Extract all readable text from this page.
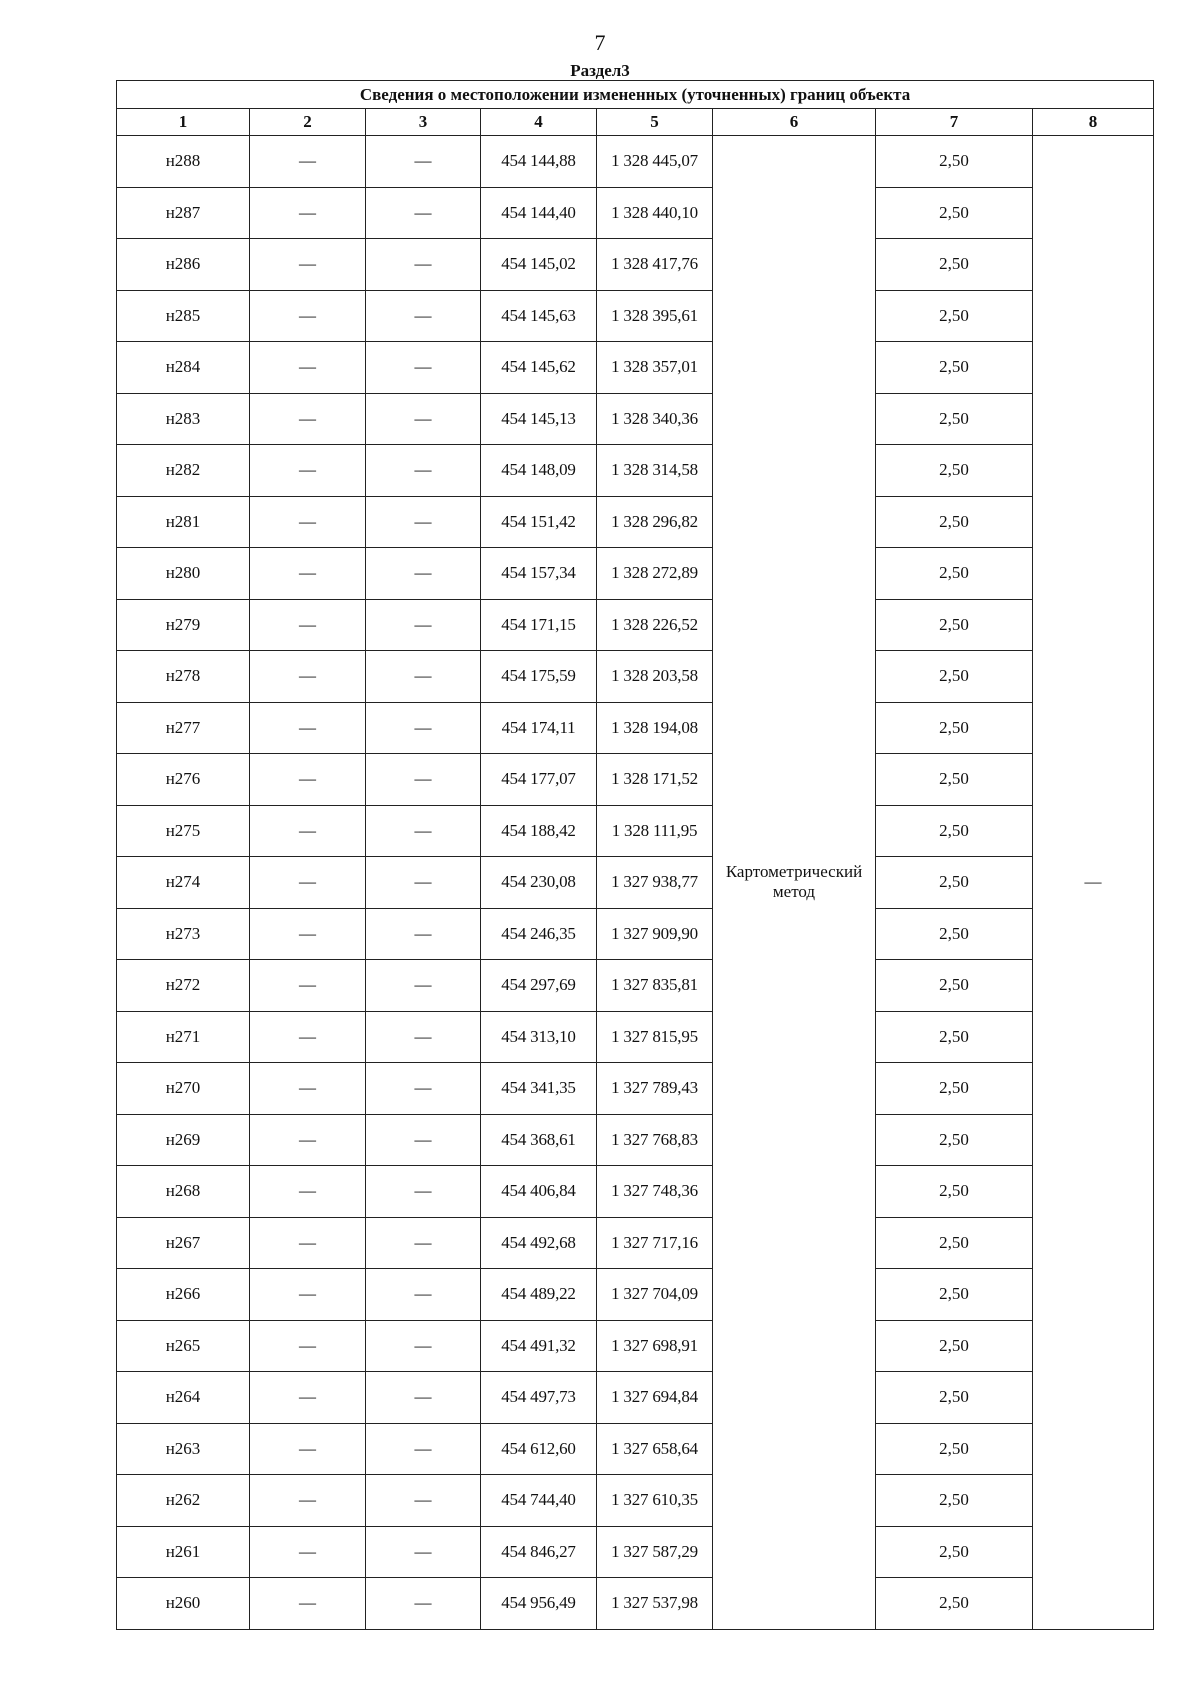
7
Раздел3
Сведения о местоположении измененных (уточненных) границ объекта							
1	2	3	4	5	6	7	8
н288	—	—	454 144,88	1 328 445,07	Картометрический метод	2,50	—
н287	—	—	454 144,40	1 328 440,10		2,50	
н286	—	—	454 145,02	1 328 417,76		2,50	
н285	—	—	454 145,63	1 328 395,61		2,50	
н284	—	—	454 145,62	1 328 357,01		2,50	
н283	—	—	454 145,13	1 328 340,36		2,50	
н282	—	—	454 148,09	1 328 314,58		2,50	
н281	—	—	454 151,42	1 328 296,82		2,50	
н280	—	—	454 157,34	1 328 272,89		2,50	
н279	—	—	454 171,15	1 328 226,52		2,50	
н278	—	—	454 175,59	1 328 203,58		2,50	
н277	—	—	454 174,11	1 328 194,08		2,50	
н276	—	—	454 177,07	1 328 171,52		2,50	
н275	—	—	454 188,42	1 328 111,95		2,50	
н274	—	—	454 230,08	1 327 938,77		2,50	
н273	—	—	454 246,35	1 327 909,90		2,50	
н272	—	—	454 297,69	1 327 835,81		2,50	
н271	—	—	454 313,10	1 327 815,95		2,50	
н270	—	—	454 341,35	1 327 789,43		2,50	
н269	—	—	454 368,61	1 327 768,83		2,50	
н268	—	—	454 406,84	1 327 748,36		2,50	
н267	—	—	454 492,68	1 327 717,16		2,50	
н266	—	—	454 489,22	1 327 704,09		2,50	
н265	—	—	454 491,32	1 327 698,91		2,50	
н264	—	—	454 497,73	1 327 694,84		2,50	
н263	—	—	454 612,60	1 327 658,64		2,50	
н262	—	—	454 744,40	1 327 610,35		2,50	
н261	—	—	454 846,27	1 327 587,29		2,50	
н260	—	—	454 956,49	1 327 537,98		2,50	
